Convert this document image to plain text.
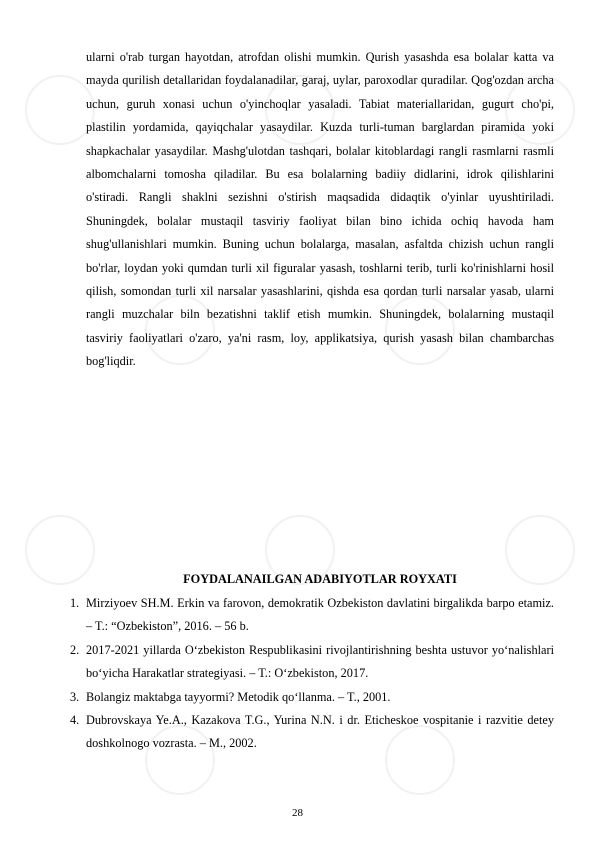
ularni o'rab turgan hayotdan, atrofdan olishi mumkin. Qurish yasashda esa bolalar katta va mayda qurilish detallaridan foydalanadilar, garaj, uylar, paroxodlar quradilar. Qog'ozdan archa uchun, guruh xonasi uchun o'yinchoqlar yasaladi. Tabiat materiallaridan, gugurt cho'pi, plastilin yordamida, qayiqchalar yasaydilar. Kuzda turli-tuman barglardan piramida yoki shapkachalar yasaydilar. Mashg'ulotdan tashqari, bolalar kitoblardagi rangli rasmlarni rasmli albomchalarni tomosha qiladilar. Bu esa bolalarning badiiy didlarini, idrok qilishlarini o'stiradi. Rangli shaklni sezishni o'stirish maqsadida didaqtik o'yinlar uyushtiriladi. Shuningdek, bolalar mustaqil tasviriy faoliyat bilan bino ichida ochiq havoda ham shug'ullanishlari mumkin. Buning uchun bolalarga, masalan, asfaltda chizish uchun rangli bo'rlar, loydan yoki qumdan turli xil figuralar yasash, toshlarni terib, turli ko'rinishlarni hosil qilish, somondan turli xil narsalar yasashlarini, qishda esa qordan turli narsalar yasab, ularni rangli muzchalar biln bezatishni taklif etish mumkin. Shuningdek, bolalarning mustaqil tasviriy faoliyatlari o'zaro, ya'ni rasm, loy, applikatsiya, qurish yasash bilan chambarchas bog'liqdir.

FOYDALANAILGAN ADABIYOTLAR ROYXATI
1. Mirziyoev SH.M. Erkin va farovon, demokratik Ozbekiston davlatini birgalikda barpo etamiz. – T.: “Ozbekiston”, 2016. – 56 b.
2. 2017-2021 yillarda O‘zbekiston Respublikasini rivojlantirishning beshta ustuvor yo‘nalishlari bo‘yicha Harakatlar strategiyasi. – T.: O‘zbekiston, 2017.
3. Bolangiz maktabga tayyormi? Metodik qo‘llanma. – T., 2001.
4. Dubrovskaya Ye.A., Kazakova T.G., Yurina N.N. i dr. Eticheskoe vospitanie i razvitie detey doshkolnogo vozrasta. – M., 2002.
28
